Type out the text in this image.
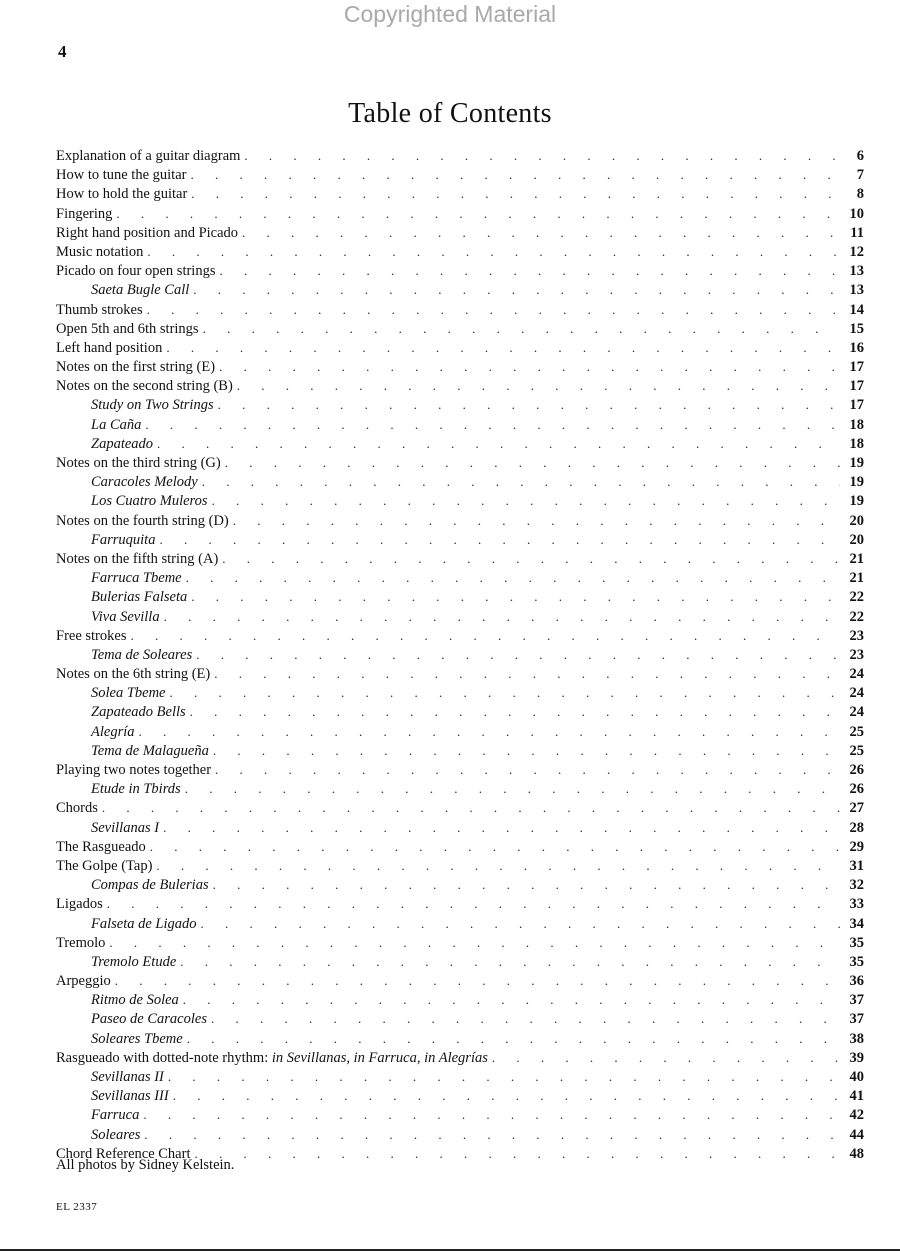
Copyrighted Material
4
Table of Contents
Explanation of a guitar diagram . . .	6
How to tune the guitar . . .	7
How to hold the guitar . . .	8
Fingering . . .	10
Right hand position and Picado . . .	11
Music notation . . .	12
Picado on four open strings . . .	13
Saeta Bugle Call . . .	13
Thumb strokes . . .	14
Open 5th and 6th strings . . .	15
Left hand position . . .	16
Notes on the first string (E) . . .	17
Notes on the second string (B) . . .	17
Study on Two Strings . . .	17
La Caña . . .	18
Zapateado . . .	18
Notes on the third string (G) . . .	19
Caracoles Melody . . .	19
Los Cuatro Muleros . . .	19
Notes on the fourth string (D) . . .	20
Farruquita . . .	20
Notes on the fifth string (A) . . .	21
Farruca Tbeme . . .	21
Bulerias Falseta . . .	22
Viva Sevilla . . .	22
Free strokes . . .	23
Tema de Soleares . . .	23
Notes on the 6th string (E) . . .	24
Solea Tbeme . . .	24
Zapateado Bells . . .	24
Alegría . . .	25
Tema de Malagueña . . .	25
Playing two notes together . . .	26
Etude in Tbirds . . .	26
Chords . . .	27
Sevillanas I . . .	28
The Rasgueado . . .	29
The Golpe (Tap) . . .	31
Compas de Bulerias . . .	32
Ligados . . .	33
Falseta de Ligado . . .	34
Tremolo . . .	35
Tremolo Etude . . .	35
Arpeggio . . .	36
Ritmo de Solea . . .	37
Paseo de Caracoles . . .	37
Soleares Tbeme . . .	38
Rasgueado with dotted-note rhythm: in Sevillanas, in Farruca, in Alegrías . . .	39
Sevillanas II . . .	40
Sevillanas III . . .	41
Farruca . . .	42
Soleares . . .	44
Chord Reference Chart . . .	48
All photos by Sidney Kelstein.
EL 2337
